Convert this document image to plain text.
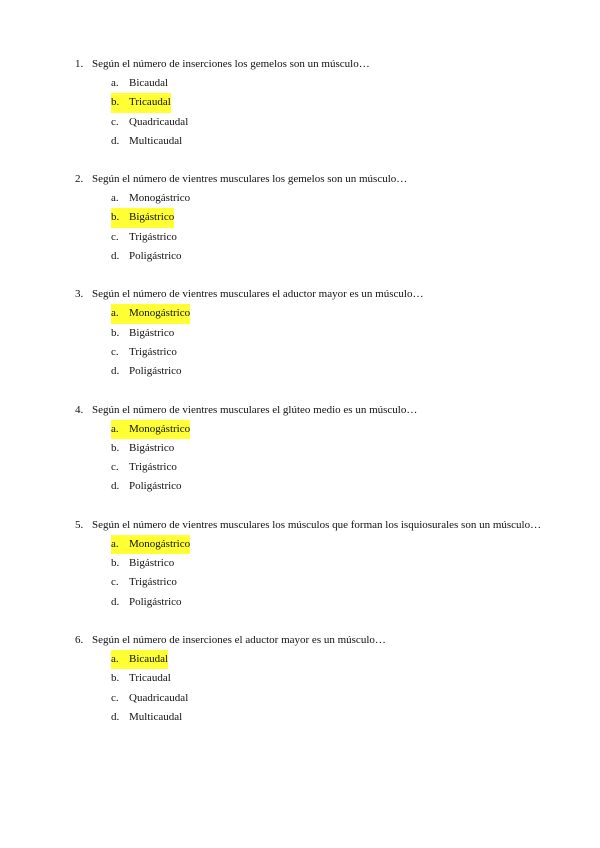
1. Según el número de inserciones los gemelos son un músculo…
a. Bicaudal
b. Tricaudal
c. Quadricaudal
d. Multicaudal
2. Según el número de vientres musculares los gemelos son un músculo…
a. Monogástrico
b. Bigástrico
c. Trigástrico
d. Poligástrico
3. Según el número de vientres musculares el aductor mayor es un músculo…
a. Monogástrico
b. Bigástrico
c. Trigástrico
d. Poligástrico
4. Según el número de vientres musculares el glúteo medio es un músculo…
a. Monogástrico
b. Bigástrico
c. Trigástrico
d. Poligástrico
5. Según el número de vientres musculares los músculos que forman los isquiosurales son un músculo…
a. Monogástrico
b. Bigástrico
c. Trigástrico
d. Poligástrico
6. Según el número de inserciones el aductor mayor es un músculo…
a. Bicaudal
b. Tricaudal
c. Quadricaudal
d. Multicaudal
